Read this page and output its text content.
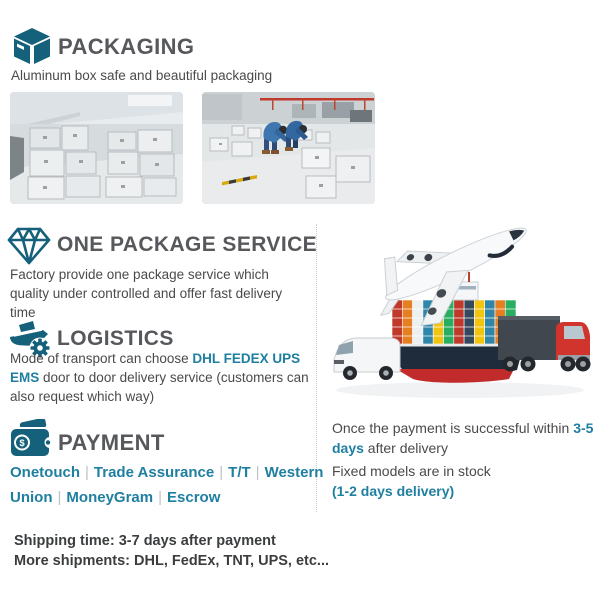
PACKAGING
Aluminum box safe and beautiful packaging
ONE PACKAGE SERVICE
Factory provide one package service which quality under controlled and offer fast delivery time
LOGISTICS
Mode of transport can choose DHL FEDEX UPS EMS door to door delivery service (customers can also request which way)
$ PAYMENT
Onetouch | Trade Assurance | T/T | Western Union | MoneyGram | Escrow
Shipping time: 3-7 days after payment
More shipments: DHL, FedEx, TNT, UPS, etc...
Once the payment is successful within 3-5 days after delivery
Fixed models are in stock
(1-2 days delivery)
